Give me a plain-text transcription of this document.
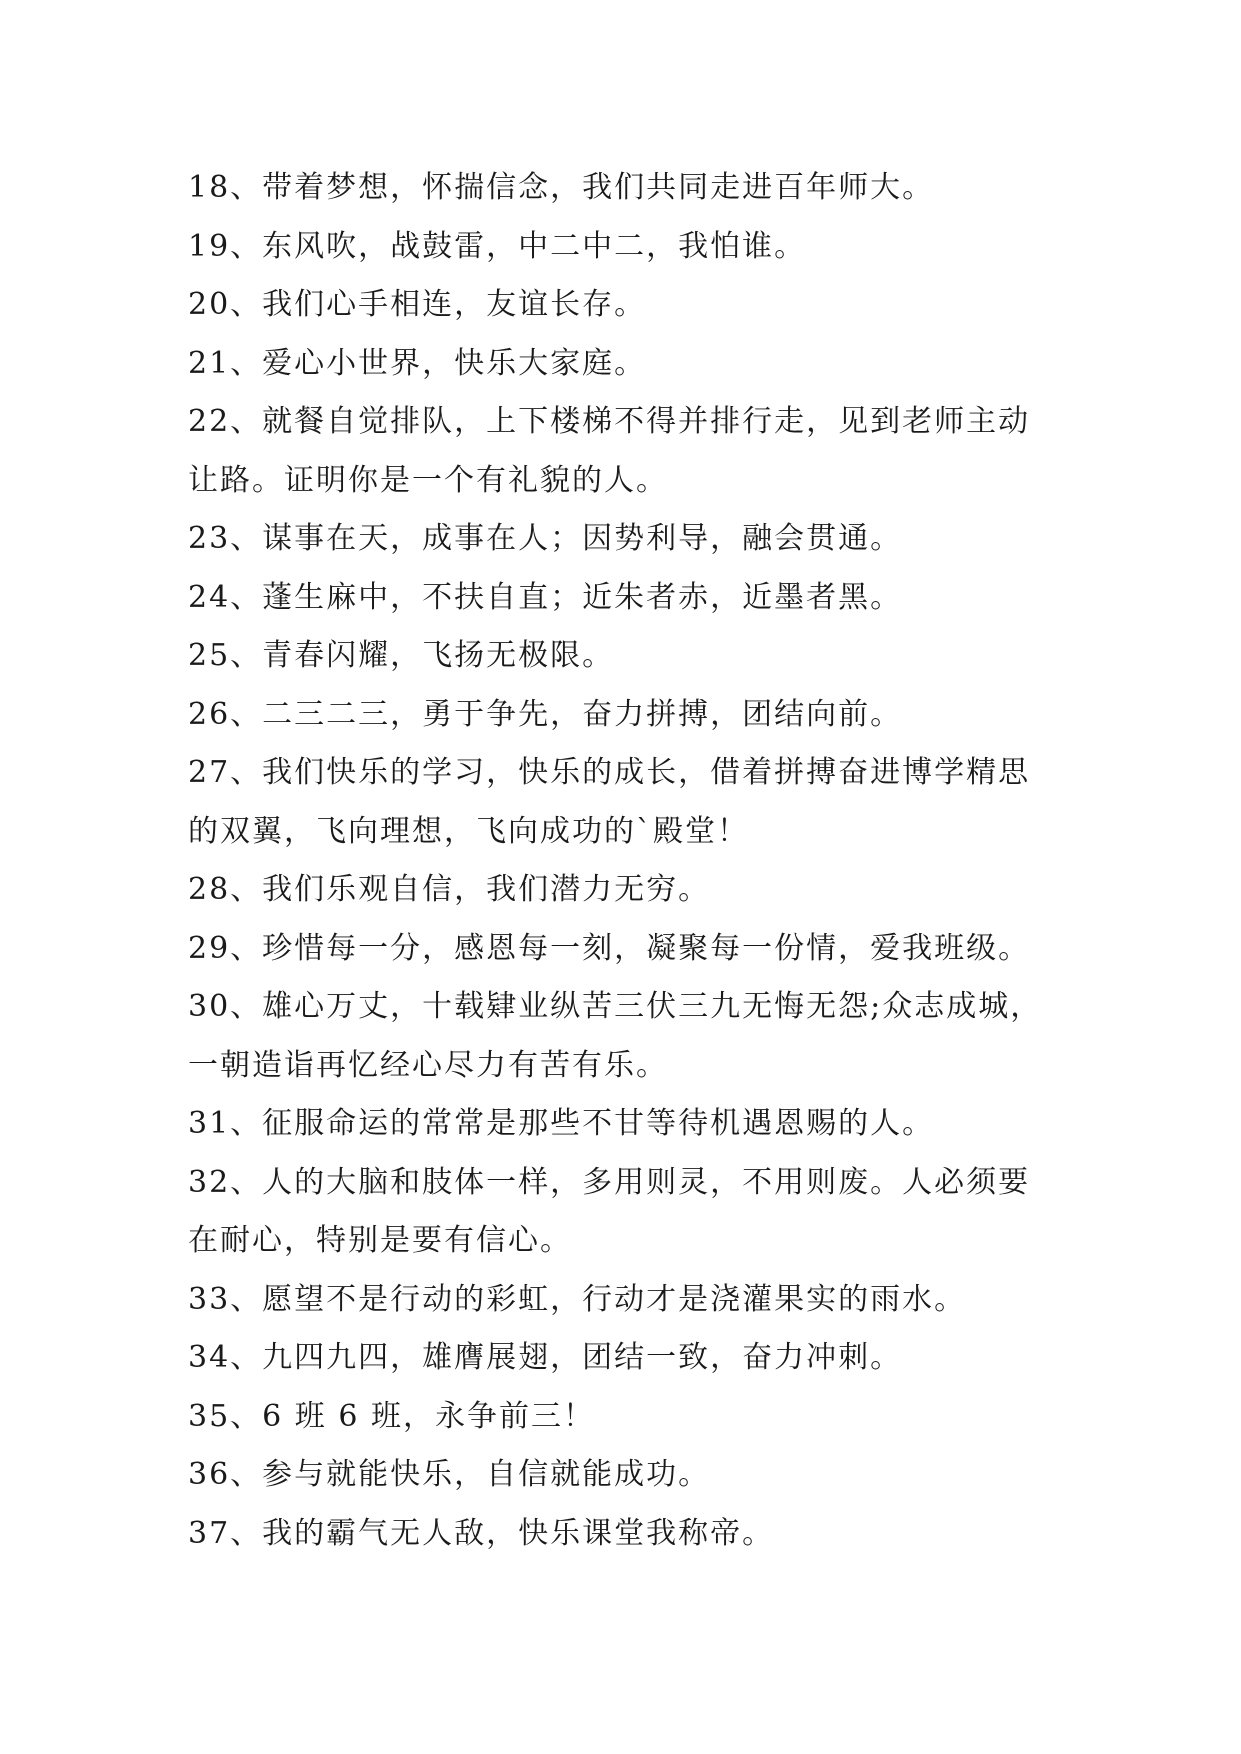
18、带着梦想，怀揣信念，我们共同走进百年师大。
19、东风吹，战鼓雷，中二中二，我怕谁。
20、我们心手相连，友谊长存。
21、爱心小世界，快乐大家庭。
22、就餐自觉排队，上下楼梯不得并排行走，见到老师主动
让路。证明你是一个有礼貌的人。
23、谋事在天，成事在人；因势利导，融会贯通。
24、蓬生麻中，不扶自直；近朱者赤，近墨者黑。
25、青春闪耀，飞扬无极限。
26、二三二三，勇于争先，奋力拼搏，团结向前。
27、我们快乐的学习，快乐的成长，借着拼搏奋进博学精思
的双翼，飞向理想，飞向成功的`殿堂！
28、我们乐观自信，我们潜力无穷。
29、珍惜每一分，感恩每一刻，凝聚每一份情，爱我班级。
30、雄心万丈，十载肄业纵苦三伏三九无悔无怨;众志成城，
一朝造诣再忆经心尽力有苦有乐。
31、征服命运的常常是那些不甘等待机遇恩赐的人。
32、人的大脑和肢体一样，多用则灵，不用则废。人必须要
在耐心，特别是要有信心。
33、愿望不是行动的彩虹，行动才是浇灌果实的雨水。
34、九四九四，雄膺展翅，团结一致，奋力冲刺。
35、6 班 6 班，永争前三！
36、参与就能快乐，自信就能成功。
37、我的霸气无人敌，快乐课堂我称帝。
